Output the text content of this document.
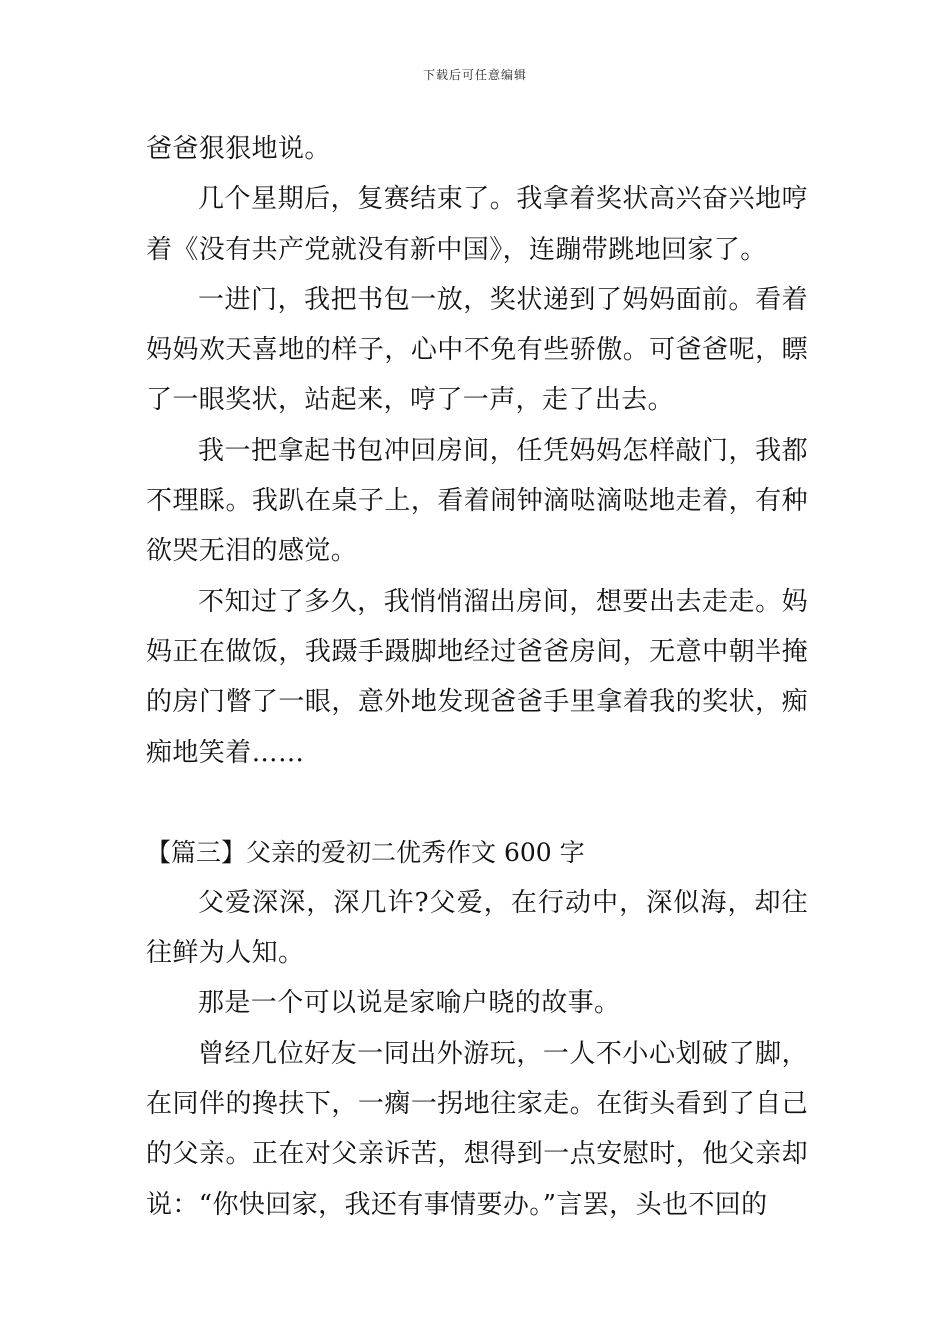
下载后可任意编辑

爸爸狠狠地说。

几个星期后，复赛结束了。我拿着奖状高兴奋兴地哼着《没有共产党就没有新中国》，连蹦带跳地回家了。

一进门，我把书包一放，奖状递到了妈妈面前。看着妈妈欢天喜地的样子，心中不免有些骄傲。可爸爸呢，瞟了一眼奖状，站起来，哼了一声，走了出去。

我一把拿起书包冲回房间，任凭妈妈怎样敲门，我都不理睬。我趴在桌子上，看着闹钟滴哒滴哒地走着，有种欲哭无泪的感觉。

不知过了多久，我悄悄溜出房间，想要出去走走。妈妈正在做饭，我蹑手蹑脚地经过爸爸房间，无意中朝半掩的房门瞥了一眼，意外地发现爸爸手里拿着我的奖状，痴痴地笑着……

【篇三】父亲的爱初二优秀作文 600 字

父爱深深，深几许?父爱，在行动中，深似海，却往往鲜为人知。

那是一个可以说是家喻户晓的故事。

曾经几位好友一同出外游玩，一人不小心划破了脚，在同伴的搀扶下，一瘸一拐地往家走。在街头看到了自己的父亲。正在对父亲诉苦，想得到一点安慰时，他父亲却说：“你快回家，我还有事情要办。”言罢，头也不回的
